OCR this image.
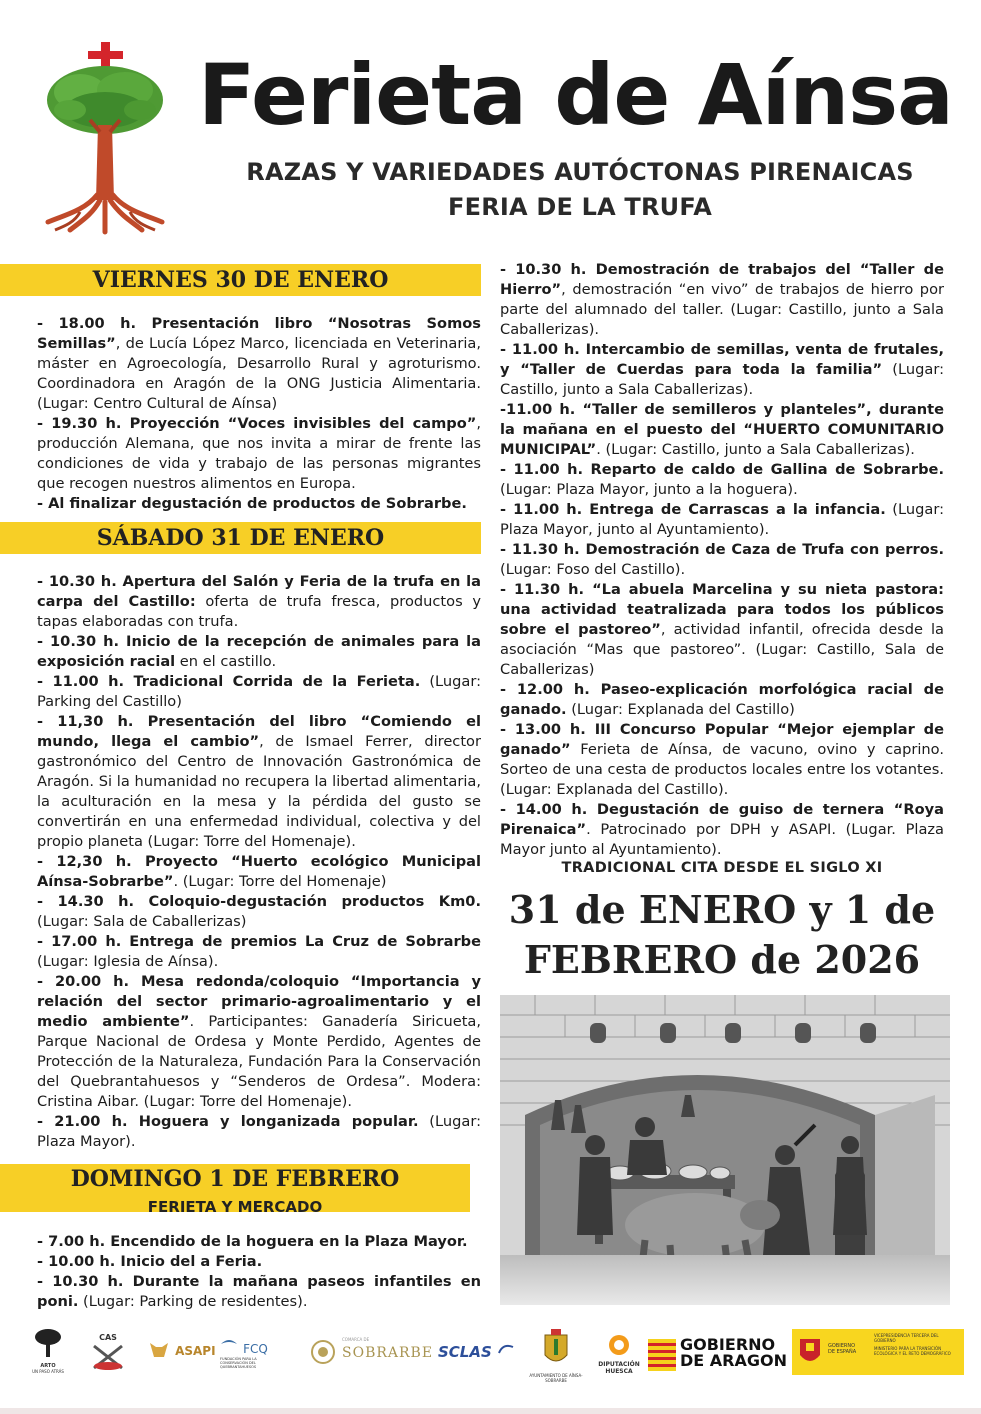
Ferieta de Aínsa
RAZAS Y VARIEDADES AUTÓCTONAS PIRENAICAS
FERIA DE LA TRUFA
VIERNES 30 DE ENERO

- 18.00 h. Presentación libro “Nosotras Somos Semillas”, de Lucía López Marco, licenciada en Veterinaria, máster en Agroecología, Desarrollo Rural y agroturismo. Coordinadora en Aragón de la ONG Justicia Alimentaria. (Lugar: Centro Cultural de Aínsa)

- 19.30 h. Proyección “Voces invisibles del campo”, producción Alemana, que nos invita a mirar de frente las condiciones de vida y trabajo de las personas migrantes que recogen nuestros alimentos en Europa.

- Al finalizar degustación de productos de Sobrarbe.

SÁBADO 31 DE ENERO

- 10.30 h. Apertura del Salón y Feria de la trufa en la carpa del Castillo: oferta de trufa fresca, productos y tapas elaboradas con trufa.

- 10.30 h. Inicio de la recepción de animales para la exposición racial en el castillo.

- 11.00 h. Tradicional Corrida de la Ferieta. (Lugar: Parking del Castillo)

- 11,30 h. Presentación del libro “Comiendo el mundo, llega el cambio”, de Ismael Ferrer, director gastronómico del Centro de Innovación Gastronómica de Aragón. Si la humanidad no recupera la libertad alimentaria, la aculturación en la mesa y la pérdida del gusto se convertirán en una enfermedad individual, colectiva y del propio planeta (Lugar: Torre del Homenaje).

- 12,30 h. Proyecto “Huerto ecológico Municipal Aínsa-Sobrarbe”. (Lugar: Torre del Homenaje)

- 14.30 h. Coloquio-degustación productos Km0. (Lugar: Sala de Caballerizas)

- 17.00 h. Entrega de premios La Cruz de Sobrarbe (Lugar: Iglesia de Aínsa).

- 20.00 h. Mesa redonda/coloquio “Importancia y relación del sector primario-agroalimentario y el medio ambiente”. Participantes: Ganadería Siricueta, Parque Nacional de Ordesa y Monte Perdido, Agentes de Protección de la Naturaleza, Fundación Para la Conservación del Quebrantahuesos y “Senderos de Ordesa”. Modera: Cristina Aibar. (Lugar: Torre del Homenaje).

- 21.00 h. Hoguera y longanizada popular. (Lugar: Plaza Mayor).

DOMINGO 1 DE FEBRERO
FERIETA Y MERCADO

- 7.00 h. Encendido de la hoguera en la Plaza Mayor.

- 10.00 h. Inicio del a Feria.

- 10.30 h. Durante la mañana paseos infantiles en poni. (Lugar: Parking de residentes).

- 10.30 h. Demostración de trabajos del “Taller de Hierro”, demostración “en vivo” de trabajos de hierro por parte del alumnado del taller. (Lugar: Castillo, junto a Sala Caballerizas).

- 11.00 h. Intercambio de semillas, venta de frutales, y “Taller de Cuerdas para toda la familia” (Lugar: Castillo, junto a Sala Caballerizas).

-11.00 h. “Taller de semilleros y planteles”, durante la mañana en el puesto del “HUERTO COMUNITARIO MUNICIPAL”. (Lugar: Castillo, junto a Sala Caballerizas).

- 11.00 h. Reparto de caldo de Gallina de Sobrarbe. (Lugar: Plaza Mayor, junto a la hoguera).

- 11.00 h. Entrega de Carrascas a la infancia. (Lugar: Plaza Mayor, junto al Ayuntamiento).

- 11.30 h. Demostración de Caza de Trufa con perros. (Lugar: Foso del Castillo).

- 11.30 h. “La abuela Marcelina y su nieta pastora: una actividad teatralizada para todos los públicos sobre el pastoreo”, actividad infantil, ofrecida desde la asociación “Mas que pastoreo”. (Lugar: Castillo, Sala de Caballerizas)

- 12.00 h. Paseo-explicación morfológica racial de ganado. (Lugar: Explanada del Castillo)

- 13.00 h. III Concurso Popular “Mejor ejemplar de ganado” Ferieta de Aínsa, de vacuno, ovino y caprino. Sorteo de una cesta de productos locales entre los votantes. (Lugar: Explanada del Castillo).

- 14.00 h. Degustación de guiso de ternera “Roya Pirenaica”. Patrocinado por DPH y ASAPI. (Lugar. Plaza Mayor junto al Ayuntamiento).

TRADICIONAL CITA DESDE EL SIGLO XI
31 de ENERO y 1 de
FEBRERO de 2026
ARTO
UN PASO ATRÁS
CAS
$^{ASAPI}$	FCQ
FUNDACIÓN PARA LA CONSERVACIÓN DEL QUEBRANTAHUESOS
COMARCA DE
SOBRARBE SCLAS
AYUNTAMIENTO DE AÍNSA-SOBRARBE
DIPUTACIÓN
HUESCA
GOBIERNO
DE ARAGON
GOBIERNO
DE ESPAÑA
VICEPRESIDENCIA TERCERA DEL GOBIERNO
MINISTERIO PARA LA TRANSICIÓN ECOLÓGICA Y EL RETO DEMOGRÁFICO
